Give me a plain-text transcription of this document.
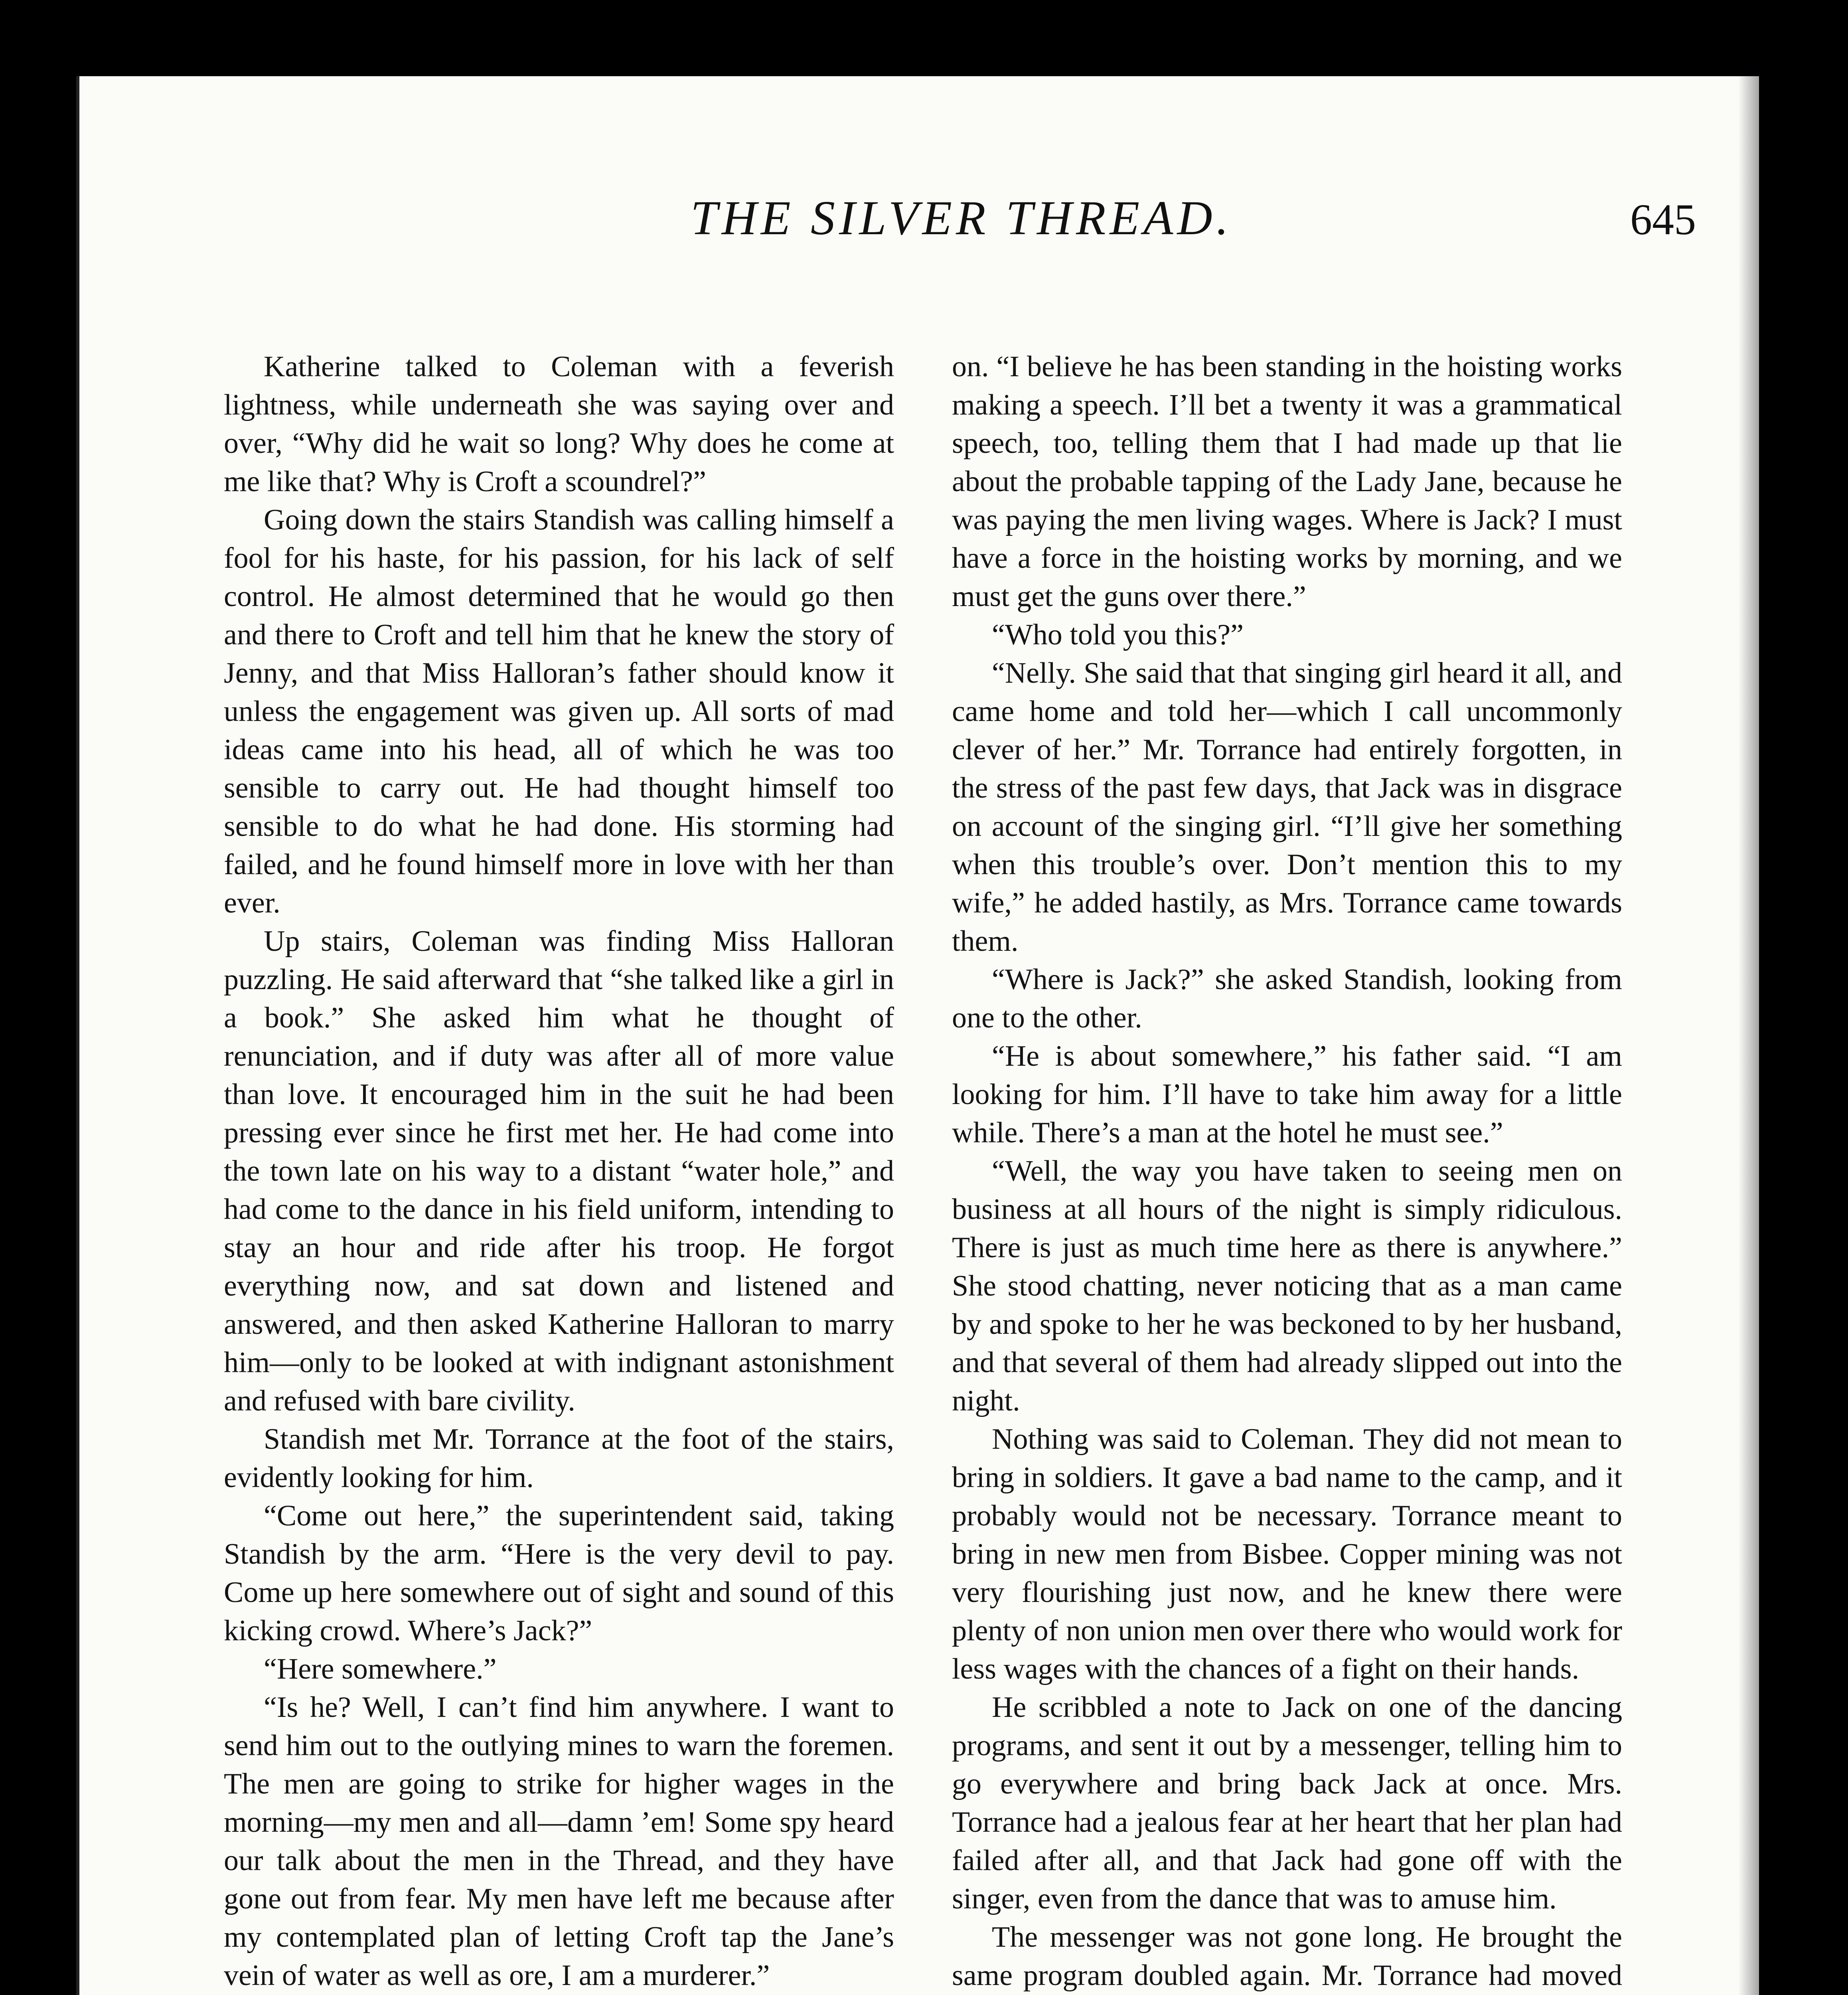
THE SILVER THREAD.	645

Katherine talked to Coleman with a feverish lightness, while underneath she was saying over and over, “Why did he wait so long? Why does he come at me like that? Why is Croft a scoundrel?”

Going down the stairs Standish was calling himself a fool for his haste, for his passion, for his lack of self control. He almost determined that he would go then and there to Croft and tell him that he knew the story of Jenny, and that Miss Halloran’s father should know it unless the engagement was given up. All sorts of mad ideas came into his head, all of which he was too sensible to carry out. He had thought himself too sensible to do what he had done. His storming had failed, and he found himself more in love with her than ever.

Up stairs, Coleman was finding Miss Halloran puzzling. He said afterward that “she talked like a girl in a book.” She asked him what he thought of renunciation, and if duty was after all of more value than love. It encouraged him in the suit he had been pressing ever since he first met her. He had come into the town late on his way to a distant “water hole,” and had come to the dance in his field uniform, intending to stay an hour and ride after his troop. He forgot everything now, and sat down and listened and answered, and then asked Katherine Halloran to marry him—only to be looked at with indignant astonishment and refused with bare civility.

Standish met Mr. Torrance at the foot of the stairs, evidently looking for him.

“Come out here,” the superintendent said, taking Standish by the arm. “Here is the very devil to pay. Come up here somewhere out of sight and sound of this kicking crowd. Where’s Jack?”

“Here somewhere.”

“Is he? Well, I can’t find him anywhere. I want to send him out to the outlying mines to warn the foremen. The men are going to strike for higher wages in the morning—my men and all—damn ’em! Some spy heard our talk about the men in the Thread, and they have gone out from fear. My men have left me because after my contemplated plan of letting Croft tap the Jane’s vein of water as well as ore, I am a murderer.”

on. “I believe he has been standing in the hoisting works making a speech. I’ll bet a twenty it was a grammatical speech, too, telling them that I had made up that lie about the probable tapping of the Lady Jane, because he was paying the men living wages. Where is Jack? I must have a force in the hoisting works by morning, and we must get the guns over there.”

“Who told you this?”

“Nelly. She said that that singing girl heard it all, and came home and told her—which I call uncommonly clever of her.” Mr. Torrance had entirely forgotten, in the stress of the past few days, that Jack was in disgrace on account of the singing girl. “I’ll give her something when this trouble’s over. Don’t mention this to my wife,” he added hastily, as Mrs. Torrance came towards them.

“Where is Jack?” she asked Standish, looking from one to the other.

“He is about somewhere,” his father said. “I am looking for him. I’ll have to take him away for a little while. There’s a man at the hotel he must see.”

“Well, the way you have taken to seeing men on business at all hours of the night is simply ridiculous. There is just as much time here as there is anywhere.” She stood chatting, never noticing that as a man came by and spoke to her he was beckoned to by her husband, and that several of them had already slipped out into the night.

Nothing was said to Coleman. They did not mean to bring in soldiers. It gave a bad name to the camp, and it probably would not be necessary. Torrance meant to bring in new men from Bisbee. Copper mining was not very flourishing just now, and he knew there were plenty of non union men over there who would work for less wages with the chances of a fight on their hands.

He scribbled a note to Jack on one of the dancing programs, and sent it out by a messenger, telling him to go everywhere and bring back Jack at once. Mrs. Torrance had a jealous fear at her heart that her plan had failed after all, and that Jack had gone off with the singer, even from the dance that was to amuse him.

The messenger was not gone long. He brought the same program doubled again. Mr. Torrance had moved
